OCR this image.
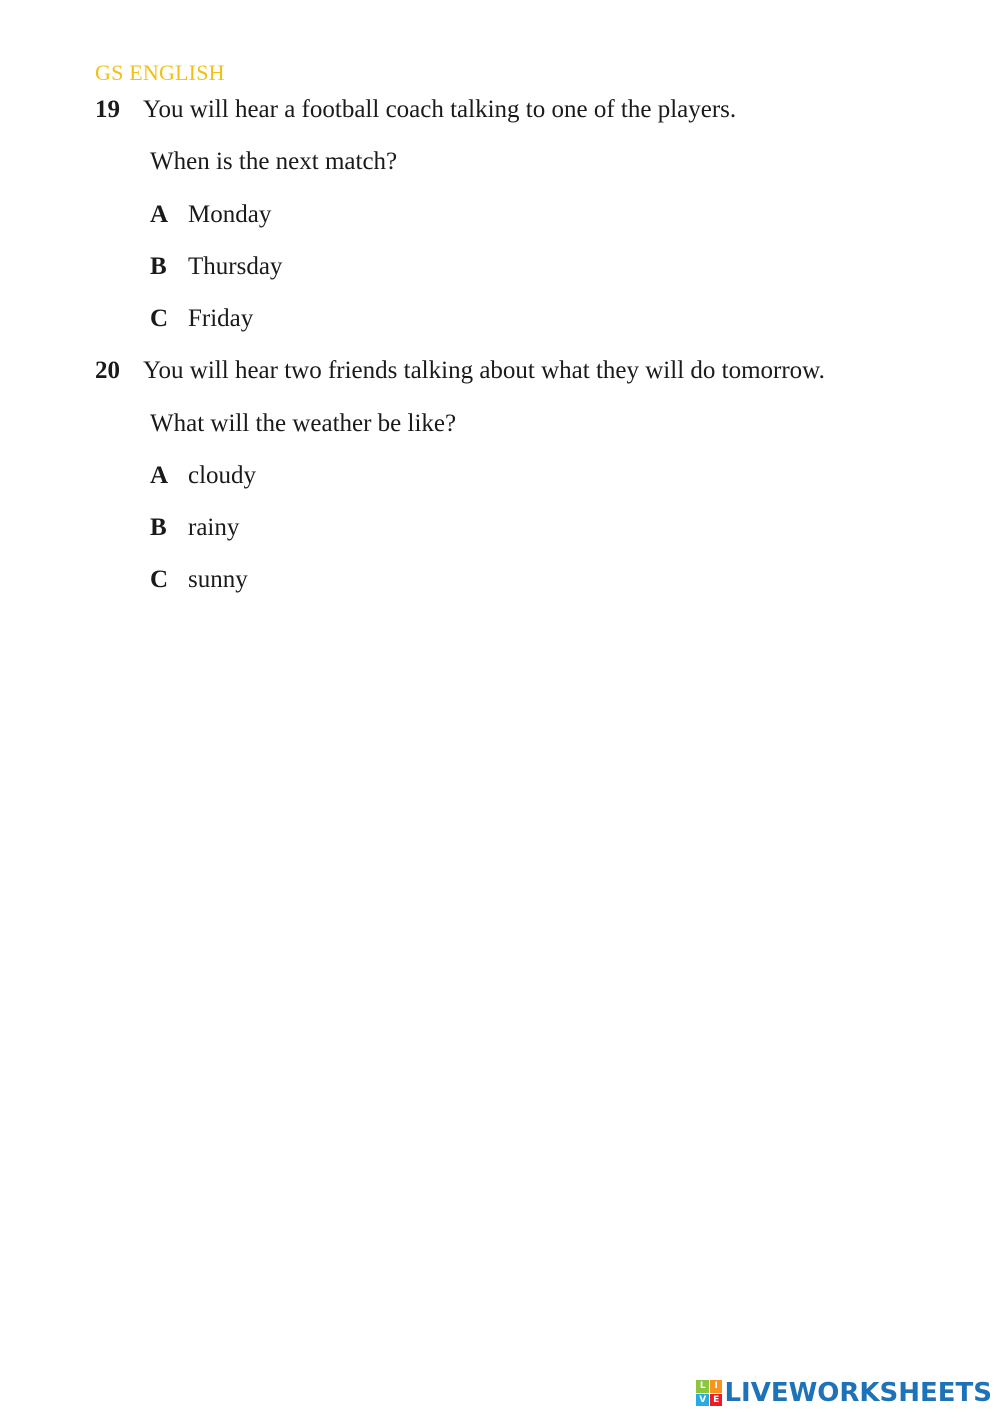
GS ENGLISH
19 You will hear a football coach talking to one of the players.
When is the next match?
A Monday
B Thursday
C Friday
20 You will hear two friends talking about what they will do tomorrow.
What will the weather be like?
A cloudy
B rainy
C sunny
L I
V E LIVEWORKSHEETS
